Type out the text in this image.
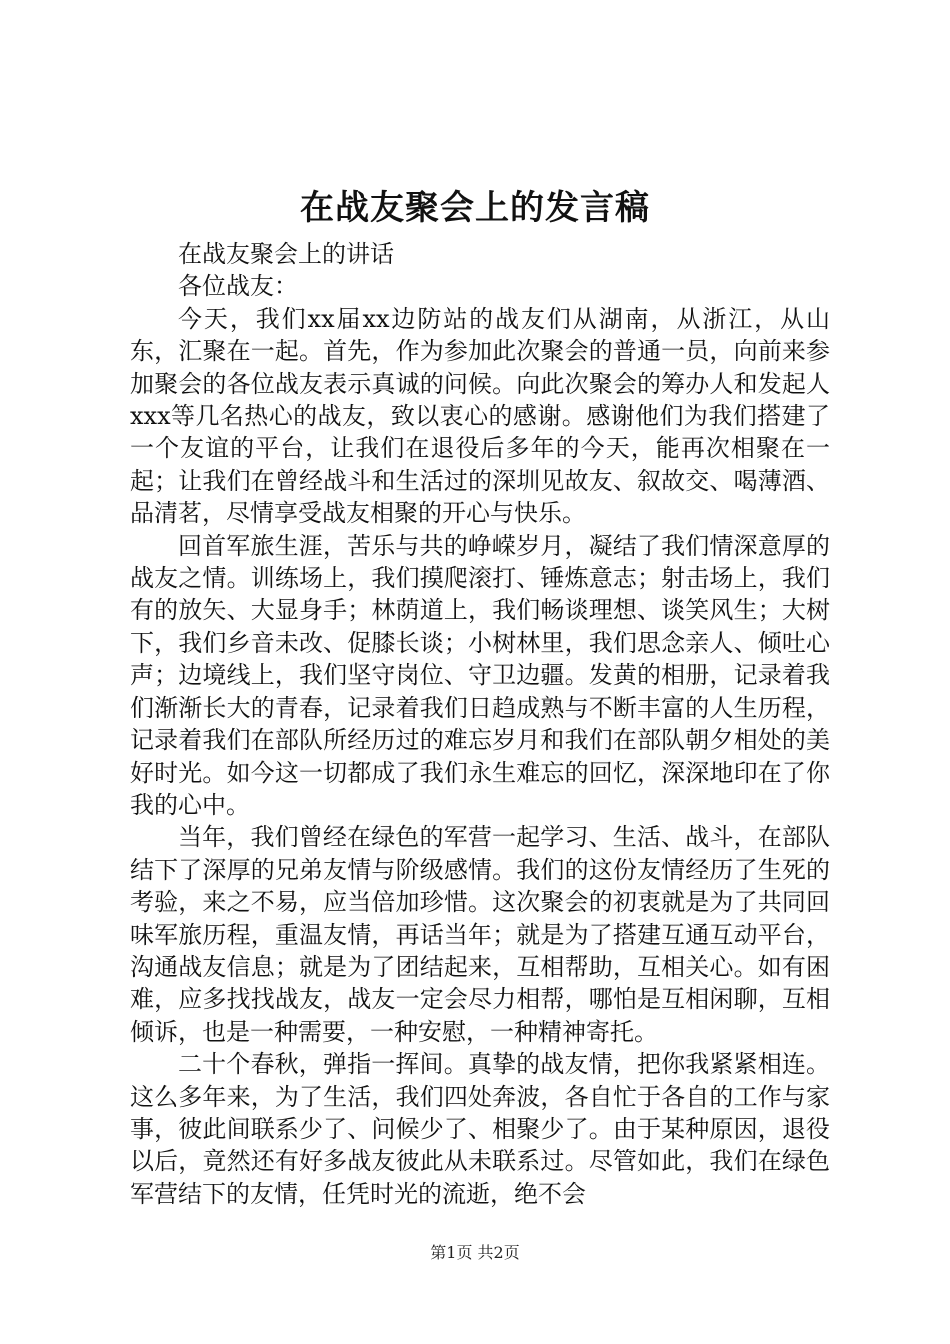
在战友聚会上的发言稿

在战友聚会上的讲话

各位战友：

今天，我们xx届xx边防站的战友们从湖南，从浙江，从山东，汇聚在一起。首先，作为参加此次聚会的普通一员，向前来参加聚会的各位战友表示真诚的问候。向此次聚会的筹办人和发起人xxx等几名热心的战友，致以衷心的感谢。感谢他们为我们搭建了一个友谊的平台，让我们在退役后多年的今天，能再次相聚在一起；让我们在曾经战斗和生活过的深圳见故友、叙故交、喝薄酒、品清茗，尽情享受战友相聚的开心与快乐。

回首军旅生涯，苦乐与共的峥嵘岁月，凝结了我们情深意厚的战友之情。训练场上，我们摸爬滚打、锤炼意志；射击场上，我们有的放矢、大显身手；林荫道上，我们畅谈理想、谈笑风生；大树下，我们乡音未改、促膝长谈；小树林里，我们思念亲人、倾吐心声；边境线上，我们坚守岗位、守卫边疆。发黄的相册，记录着我们渐渐长大的青春，记录着我们日趋成熟与不断丰富的人生历程，记录着我们在部队所经历过的难忘岁月和我们在部队朝夕相处的美好时光。如今这一切都成了我们永生难忘的回忆，深深地印在了你我的心中。

当年，我们曾经在绿色的军营一起学习、生活、战斗，在部队结下了深厚的兄弟友情与阶级感情。我们的这份友情经历了生死的考验，来之不易，应当倍加珍惜。这次聚会的初衷就是为了共同回味军旅历程，重温友情，再话当年；就是为了搭建互通互动平台，沟通战友信息；就是为了团结起来，互相帮助，互相关心。如有困难，应多找找战友，战友一定会尽力相帮，哪怕是互相闲聊，互相倾诉，也是一种需要，一种安慰，一种精神寄托。

二十个春秋，弹指一挥间。真挚的战友情，把你我紧紧相连。这么多年来，为了生活，我们四处奔波，各自忙于各自的工作与家事，彼此间联系少了、问候少了、相聚少了。由于某种原因，退役以后，竟然还有好多战友彼此从未联系过。尽管如此，我们在绿色军营结下的友情，任凭时光的流逝，绝不会

第1页 共2页
